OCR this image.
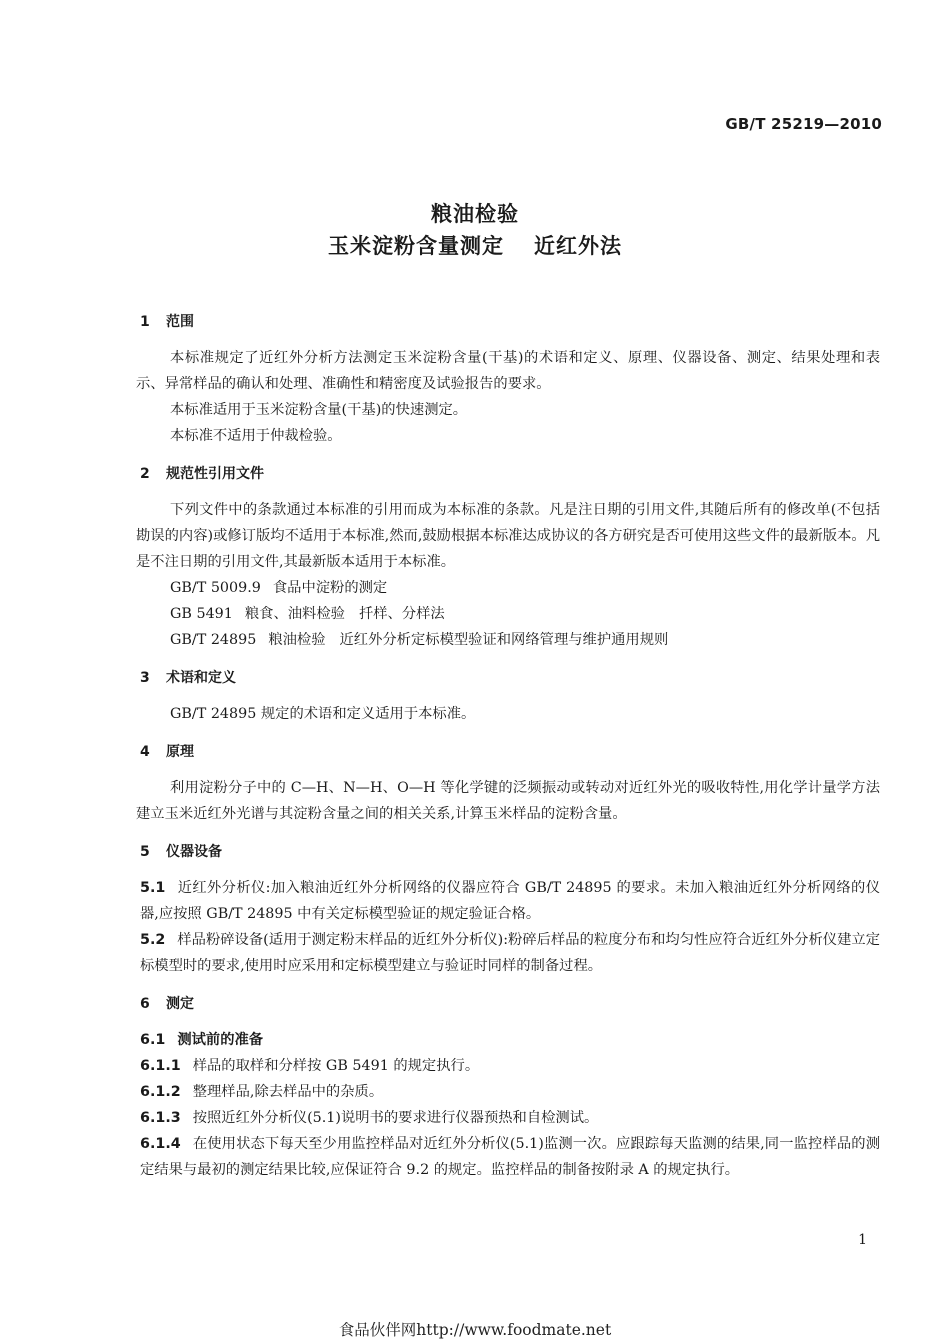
GB/T 25219—2010
粮油检验
玉米淀粉含量测定 近红外法
1 范围

本标准规定了近红外分析方法测定玉米淀粉含量(干基)的术语和定义、原理、仪器设备、测定、结果处理和表示、异常样品的确认和处理、准确性和精密度及试验报告的要求。

本标准适用于玉米淀粉含量(干基)的快速测定。

本标准不适用于仲裁检验。

2 规范性引用文件

下列文件中的条款通过本标准的引用而成为本标准的条款。凡是注日期的引用文件,其随后所有的修改单(不包括勘误的内容)或修订版均不适用于本标准,然而,鼓励根据本标准达成协议的各方研究是否可使用这些文件的最新版本。凡是不注日期的引用文件,其最新版本适用于本标准。

GB/T 5009.9 食品中淀粉的测定
GB 5491 粮食、油料检验 扦样、分样法
GB/T 24895 粮油检验 近红外分析定标模型验证和网络管理与维护通用规则
3 术语和定义

GB/T 24895 规定的术语和定义适用于本标准。

4 原理

利用淀粉分子中的 C—H、N—H、O—H 等化学键的泛频振动或转动对近红外光的吸收特性,用化学计量学方法建立玉米近红外光谱与其淀粉含量之间的相关关系,计算玉米样品的淀粉含量。

5 仪器设备

5.1 近红外分析仪:加入粮油近红外分析网络的仪器应符合 GB/T 24895 的要求。未加入粮油近红外分析网络的仪器,应按照 GB/T 24895 中有关定标模型验证的规定验证合格。

5.2 样品粉碎设备(适用于测定粉末样品的近红外分析仪):粉碎后样品的粒度分布和均匀性应符合近红外分析仪建立定标模型时的要求,使用时应采用和定标模型建立与验证时同样的制备过程。

6 测定

6.1 测试前的准备

6.1.1 样品的取样和分样按 GB 5491 的规定执行。

6.1.2 整理样品,除去样品中的杂质。

6.1.3 按照近红外分析仪(5.1)说明书的要求进行仪器预热和自检测试。

6.1.4 在使用状态下每天至少用监控样品对近红外分析仪(5.1)监测一次。应跟踪每天监测的结果,同一监控样品的测定结果与最初的测定结果比较,应保证符合 9.2 的规定。监控样品的制备按附录 A 的规定执行。

1
食品伙伴网http://www.foodmate.net
